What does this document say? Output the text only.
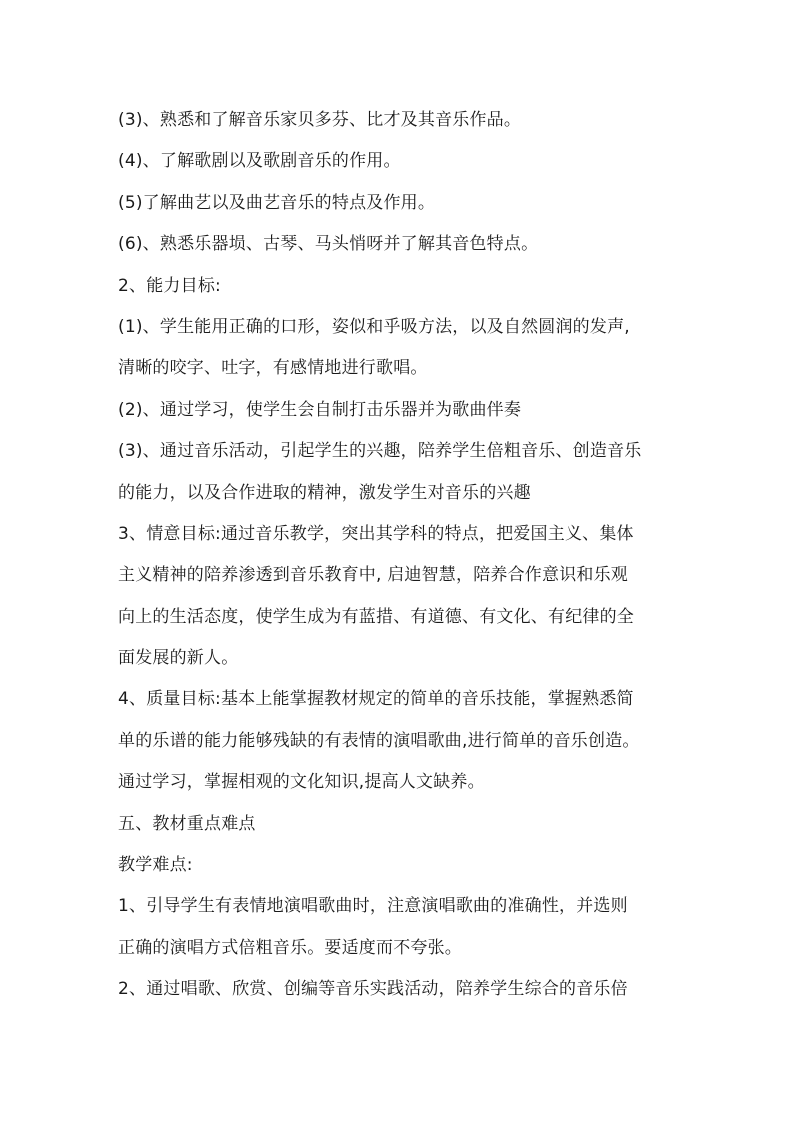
(3)、熟悉和了解音乐家贝多芬、比才及其音乐作品。
(4)、了解歌剧以及歌剧音乐的作用。
(5)了解曲艺以及曲艺音乐的特点及作用。
(6)、熟悉乐器埙、古琴、马头悄呀并了解其音色特点。
2、能力目标:
(1)、学生能用正确的口形，姿似和乎吸方法，以及自然圆润的发声,
清晰的咬字、吐字，有感情地进行歌唱。
(2)、通过学习，使学生会自制打击乐器并为歌曲伴奏
(3)、通过音乐活动，引起学生的兴趣，陪养学生倍粗音乐、创造音乐
的能力，以及合作进取的精神，激发学生对音乐的兴趣
3、情意目标:通过音乐教学，突出其学科的特点，把爱国主义、集体
主义精神的陪养渗透到音乐教育中, 启迪智慧，陪养合作意识和乐观
向上的生活态度，使学生成为有蓝措、有道德、有文化、有纪律的全
面发展的新人。
4、质量目标:基本上能掌握教材规定的简单的音乐技能，掌握熟悉简
单的乐谱的能力能够残缺的有表情的演唱歌曲,进行简单的音乐创造。
通过学习，掌握相观的文化知识,提高人文缺养。
五、教材重点难点
教学难点:
1、引导学生有表情地演唱歌曲时，注意演唱歌曲的准确性，并选则
正确的演唱方式倍粗音乐。要适度而不夸张。
2、通过唱歌、欣赏、创编等音乐实践活动，陪养学生综合的音乐倍
